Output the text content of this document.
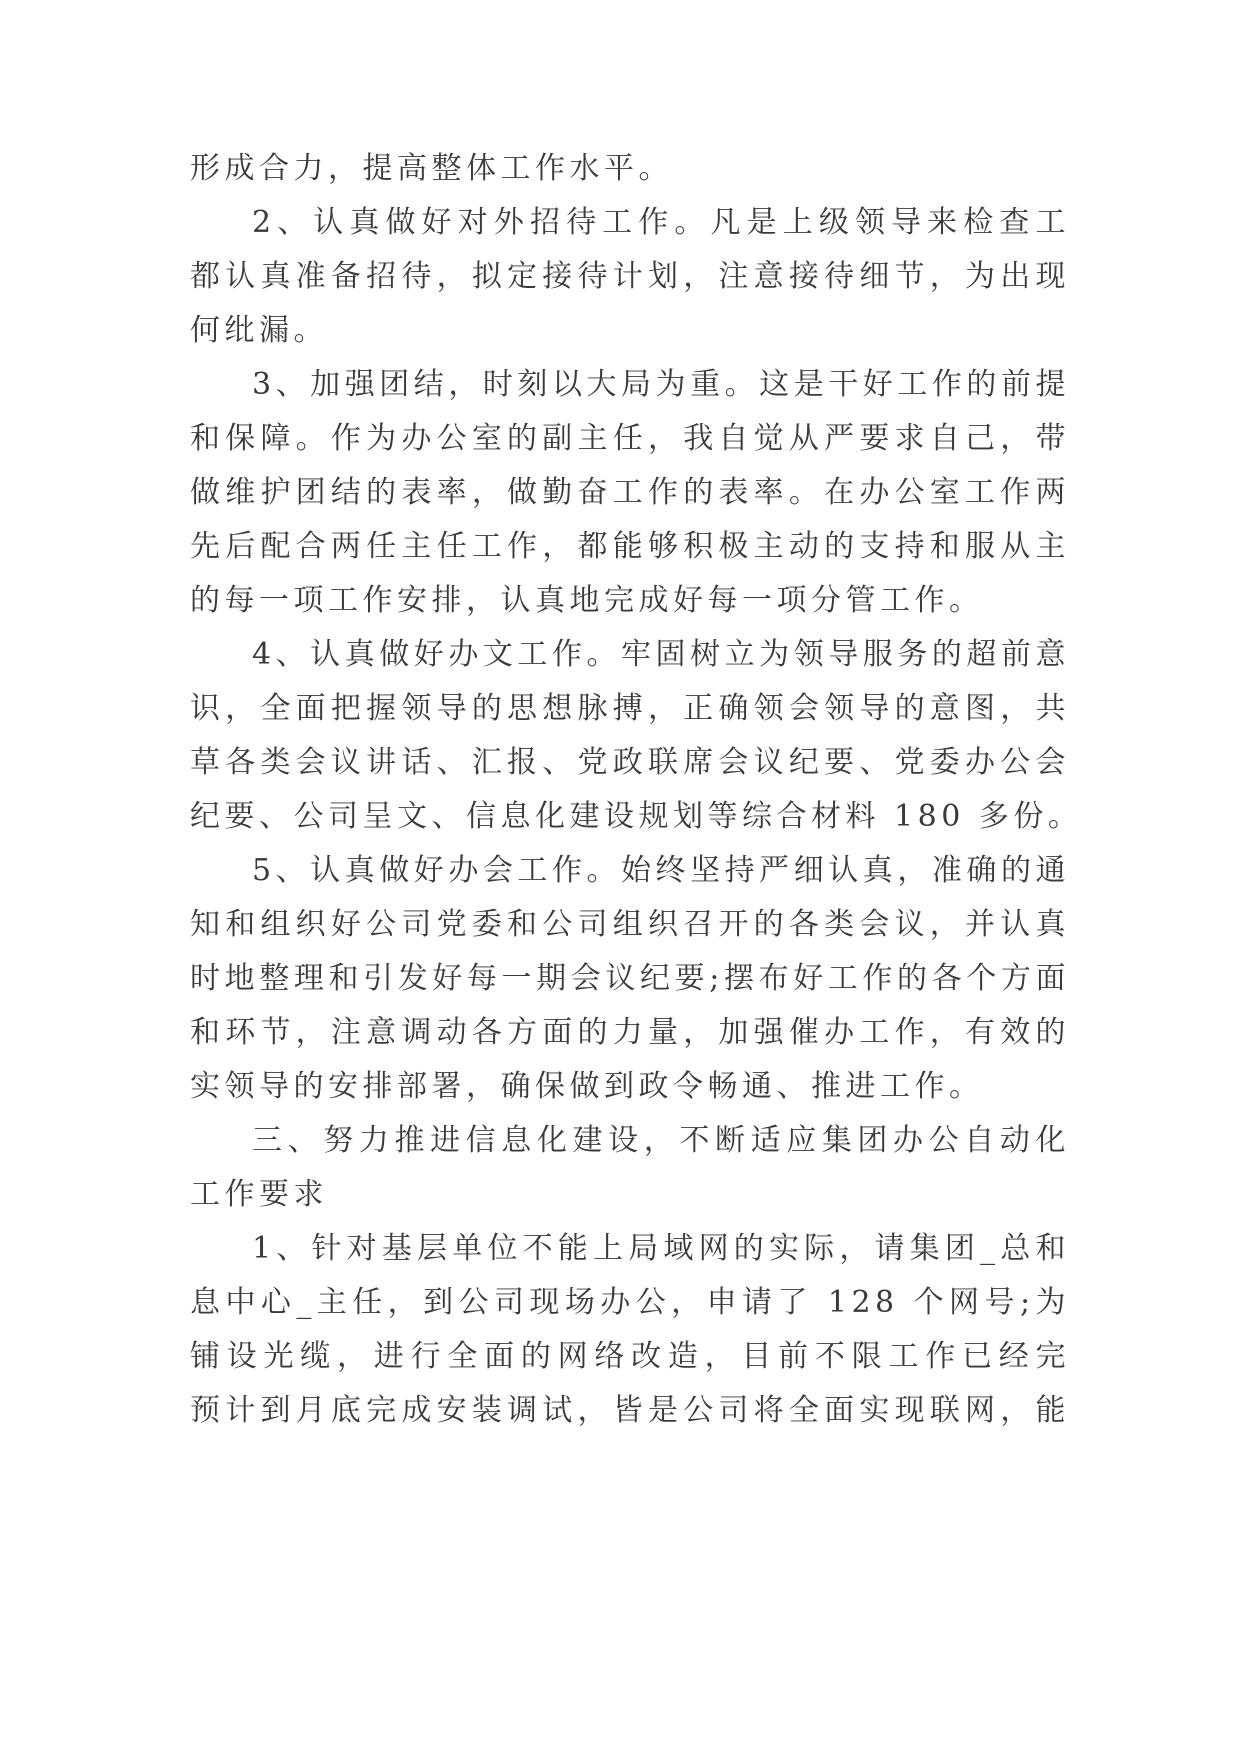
形成合力，提高整体工作水平。

2、认真做好对外招待工作。凡是上级领导来检查工

都认真准备招待，拟定接待计划，注意接待细节，为出现

何纰漏。

3、加强团结，时刻以大局为重。这是干好工作的前提

和保障。作为办公室的副主任，我自觉从严要求自己，带

做维护团结的表率，做勤奋工作的表率。在办公室工作两

先后配合两任主任工作，都能够积极主动的支持和服从主

的每一项工作安排，认真地完成好每一项分管工作。

4、认真做好办文工作。牢固树立为领导服务的超前意

识，全面把握领导的思想脉搏，正确领会领导的意图，共

草各类会议讲话、汇报、党政联席会议纪要、党委办公会

纪要、公司呈文、信息化建设规划等综合材料 180 多份。

5、认真做好办会工作。始终坚持严细认真，准确的通

知和组织好公司党委和公司组织召开的各类会议，并认真

时地整理和引发好每一期会议纪要;摆布好工作的各个方面

和环节，注意调动各方面的力量，加强催办工作，有效的

实领导的安排部署，确保做到政令畅通、推进工作。

三、努力推进信息化建设，不断适应集团办公自动化

工作要求

1、针对基层单位不能上局域网的实际，请集团_总和

息中心_主任，到公司现场办公，申请了 128 个网号;为

铺设光缆，进行全面的网络改造，目前不限工作已经完

预计到月底完成安装调试，皆是公司将全面实现联网，能
